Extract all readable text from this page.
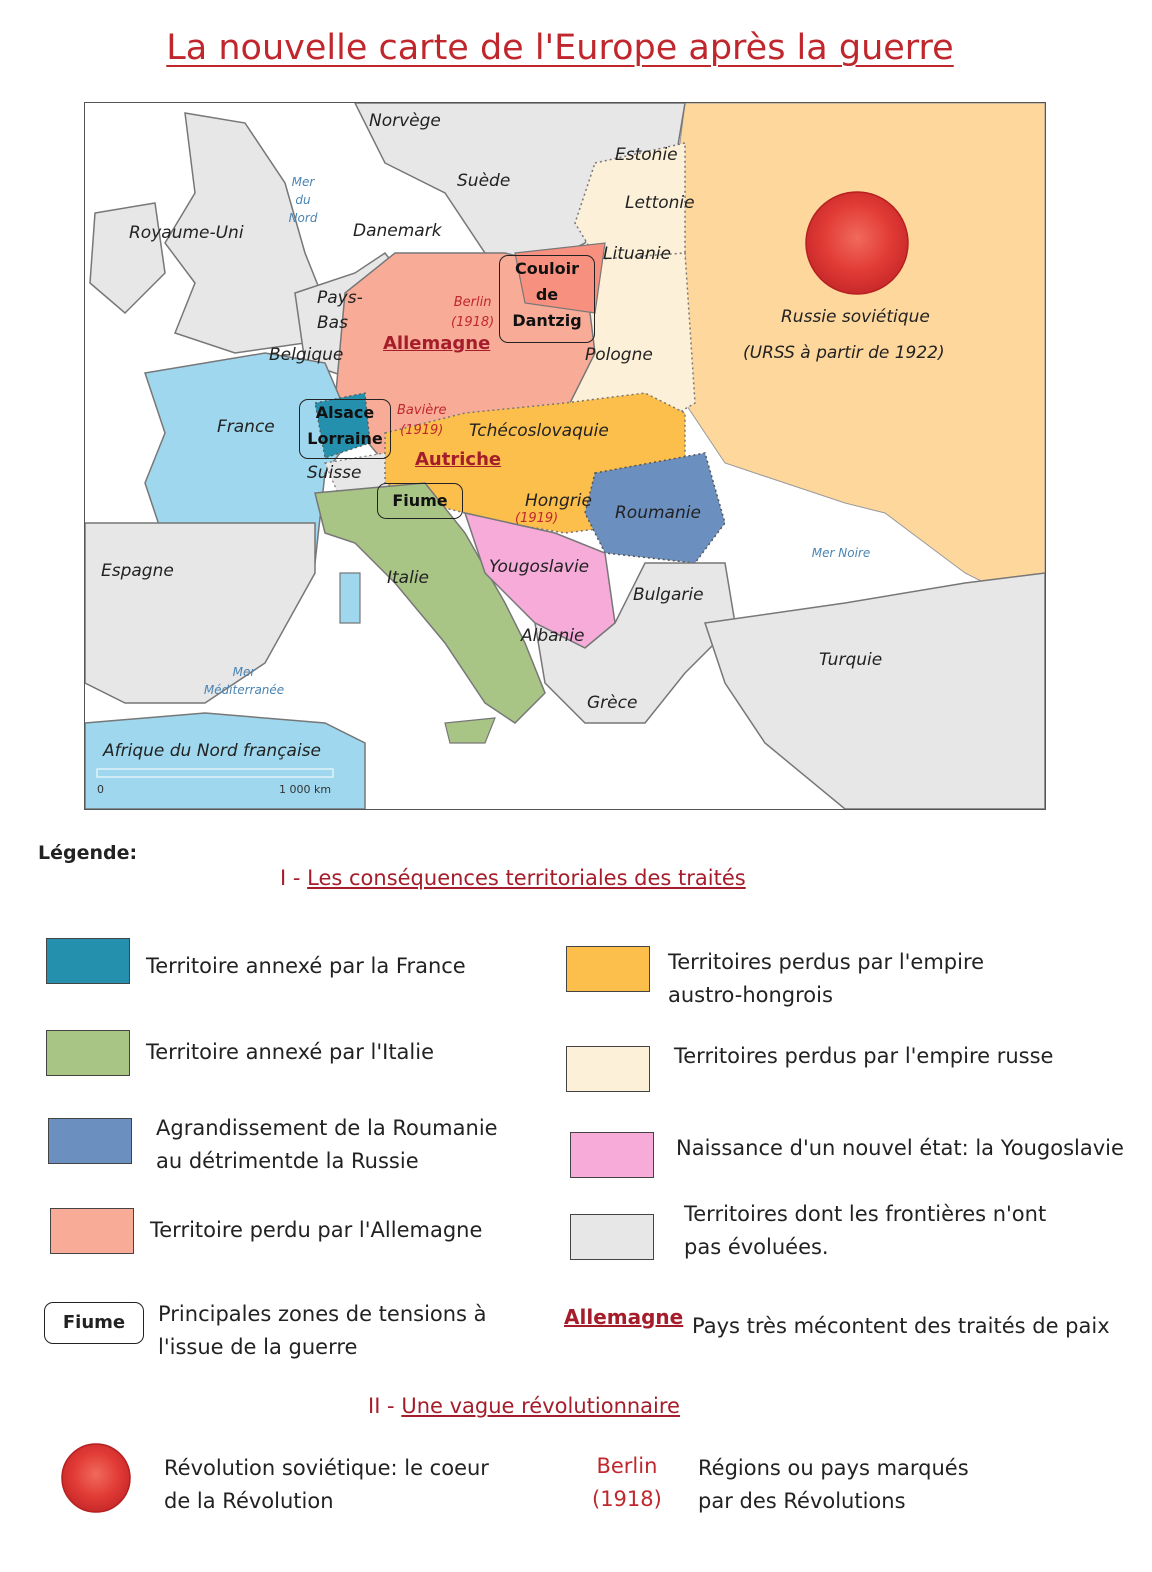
La nouvelle carte de l'Europe après la guerre
Norvège
Suède
Estonie
Lettonie
Lituanie
Royaume-Uni	Danemark
Pays-
Bas
Belgique
France
Pologne
Tchécoslovaquie
Suisse
Hongrie
Roumanie
Yougoslavie
Bulgarie
Albanie
Grèce
Italie
Espagne
Turquie
Afrique du Nord française
Russie soviétique
(URSS à partir de 1922)
Allemagne
Autriche
Mer
du
Nord
Mer Noire
Mer
Méditerranée
Berlin
(1918)
Bavière
(1919)
(1919)
Couloir
de
Dantzig
Alsace
Lorraine
Fiume
0	1 000 km
Légende:
I - Les conséquences territoriales des traités
Territoire annexé par la France
Territoire annexé par l'Italie
Agrandissement de la Roumanie
au détrimentde la Russie
Territoire perdu par l'Allemagne
Fiume	Principales zones de tensions à
l'issue de la guerre
Territoires perdus par l'empire
austro-hongrois
Territoires perdus par l'empire russe
Naissance d'un nouvel état: la Yougoslavie
Territoires dont les frontières n'ont
pas évoluées.
Allemagne Pays très mécontent des traités de paix
II - Une vague révolutionnaire
Révolution soviétique: le coeur
de la Révolution
Berlin
(1918)
Régions ou pays marqués
par des Révolutions
